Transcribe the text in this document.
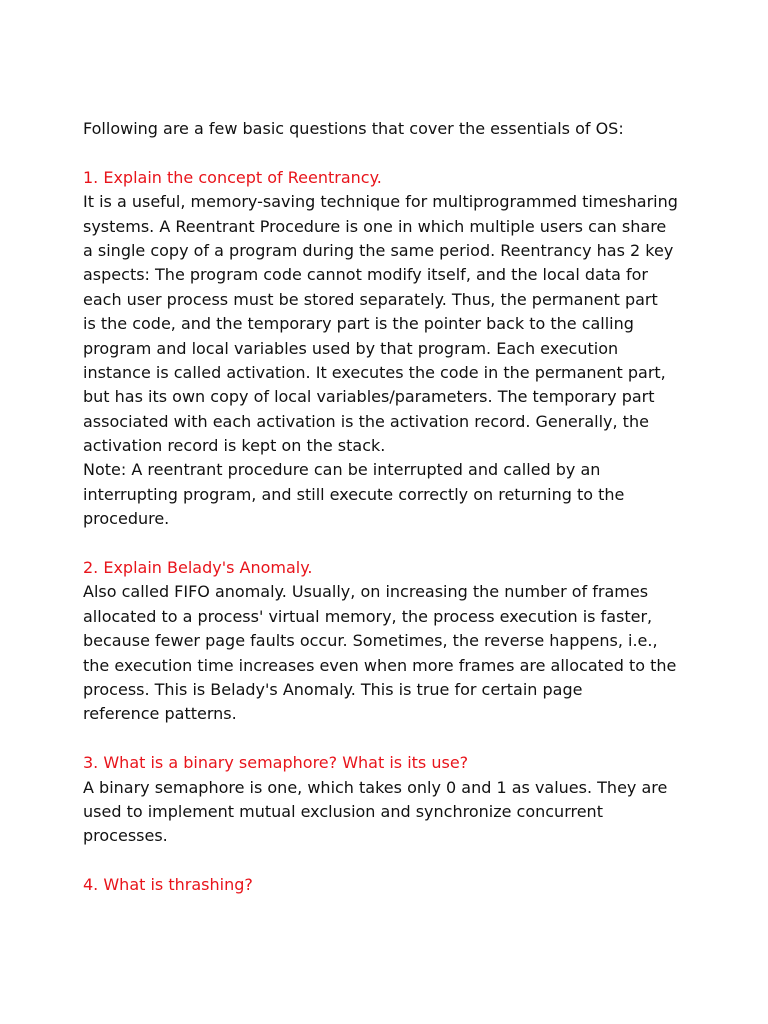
Following are a few basic questions that cover the essentials of OS:
1. Explain the concept of Reentrancy.
It is a useful, memory-saving technique for multiprogrammed timesharing
systems. A Reentrant Procedure is one in which multiple users can share
a single copy of a program during the same period. Reentrancy has 2 key
aspects: The program code cannot modify itself, and the local data for
each user process must be stored separately. Thus, the permanent part
is the code, and the temporary part is the pointer back to the calling
program and local variables used by that program. Each execution
instance is called activation. It executes the code in the permanent part,
but has its own copy of local variables/parameters. The temporary part
associated with each activation is the activation record. Generally, the
activation record is kept on the stack.
Note: A reentrant procedure can be interrupted and called by an
interrupting program, and still execute correctly on returning to the
procedure.
2. Explain Belady's Anomaly.
Also called FIFO anomaly. Usually, on increasing the number of frames
allocated to a process' virtual memory, the process execution is faster,
because fewer page faults occur. Sometimes, the reverse happens, i.e.,
the execution time increases even when more frames are allocated to the
process. This is Belady's Anomaly. This is true for certain page
reference patterns.
3. What is a binary semaphore? What is its use?
A binary semaphore is one, which takes only 0 and 1 as values. They are
used to implement mutual exclusion and synchronize concurrent
processes.
4. What is thrashing?
